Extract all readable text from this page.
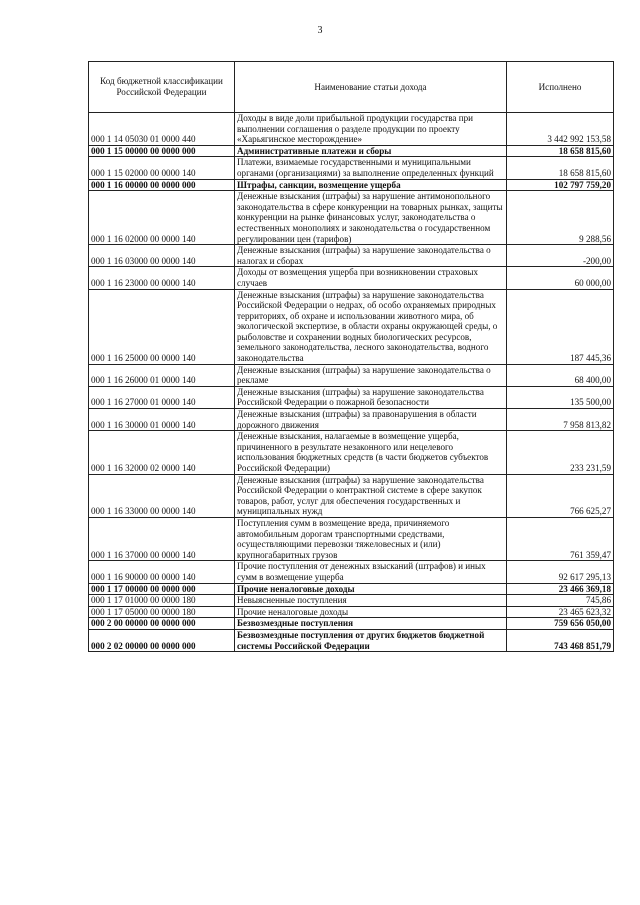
3
Код бюджетной классификации Российской Федерации	Наименование статьи дохода	Исполнено
000 1 14 05030 01 0000 440	Доходы в виде доли прибыльной продукции государства при выполнении соглашения о разделе продукции по проекту «Харьягинское месторождение»	3 442 992 153,58
000 1 15 00000 00 0000 000	Административные платежи и сборы	18 658 815,60
000 1 15 02000 00 0000 140	Платежи, взимаемые государственными и муниципальными органами (организациями) за выполнение определенных функций	18 658 815,60
000 1 16 00000 00 0000 000	Штрафы, санкции, возмещение ущерба	102 797 759,20
000 1 16 02000 00 0000 140	Денежные взыскания (штрафы) за нарушение антимонопольного законодательства в сфере конкуренции на товарных рынках, защиты конкуренции на рынке финансовых услуг, законодательства о естественных монополиях и законодательства о государственном регулировании цен (тарифов)	9 288,56
000 1 16 03000 00 0000 140	Денежные взыскания (штрафы) за нарушение законодательства о налогах и сборах	-200,00
000 1 16 23000 00 0000 140	Доходы от возмещения ущерба при возникновении страховых случаев	60 000,00
000 1 16 25000 00 0000 140	Денежные взыскания (штрафы) за нарушение законодательства Российской Федерации о недрах, об особо охраняемых природных территориях, об охране и использовании животного мира, об экологической экспертизе, в области охраны окружающей среды, о рыболовстве и сохранении водных биологических ресурсов, земельного законодательства, лесного законодательства, водного законодательства	187 445,36
000 1 16 26000 01 0000 140	Денежные взыскания (штрафы) за нарушение законодательства о рекламе	68 400,00
000 1 16 27000 01 0000 140	Денежные взыскания (штрафы) за нарушение законодательства Российской Федерации о пожарной безопасности	135 500,00
000 1 16 30000 01 0000 140	Денежные взыскания (штрафы) за правонарушения в области дорожного движения	7 958 813,82
000 1 16 32000 02 0000 140	Денежные взыскания, налагаемые в возмещение ущерба, причиненного в результате незаконного или нецелевого использования бюджетных средств (в части бюджетов субъектов Российской Федерации)	233 231,59
000 1 16 33000 00 0000 140	Денежные взыскания (штрафы) за нарушение законодательства Российской Федерации о контрактной системе в сфере закупок товаров, работ, услуг для обеспечения государственных и муниципальных нужд	766 625,27
000 1 16 37000 00 0000 140	Поступления сумм в возмещение вреда, причиняемого автомобильным дорогам транспортными средствами, осуществляющими перевозки тяжеловесных и (или) крупногабаритных грузов	761 359,47
000 1 16 90000 00 0000 140	Прочие поступления от денежных взысканий (штрафов) и иных сумм в возмещение ущерба	92 617 295,13
000 1 17 00000 00 0000 000	Прочие неналоговые доходы	23 466 369,18
000 1 17 01000 00 0000 180	Невыясненные поступления	745,86
000 1 17 05000 00 0000 180	Прочие неналоговые доходы	23 465 623,32
000 2 00 00000 00 0000 000	Безвозмездные поступления	759 656 050,00
000 2 02 00000 00 0000 000	Безвозмездные поступления от других бюджетов бюджетной системы Российской Федерации	743 468 851,79
